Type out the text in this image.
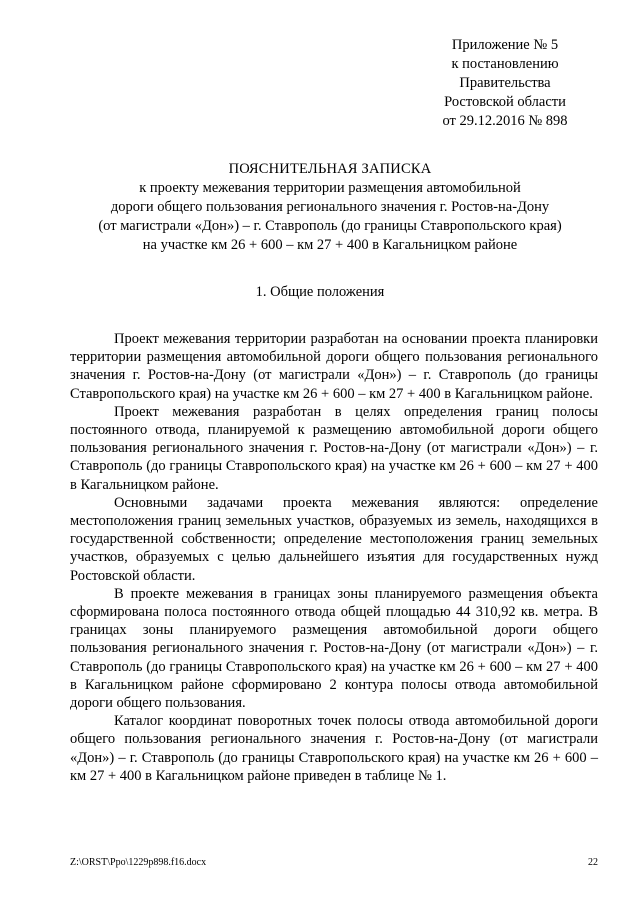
Приложение № 5
к постановлению
Правительства
Ростовской области
от 29.12.2016 № 898
ПОЯСНИТЕЛЬНАЯ ЗАПИСКА
к проекту межевания территории размещения автомобильной
дороги общего пользования регионального значения г. Ростов-на-Дону
(от магистрали «Дон») – г. Ставрополь (до границы Ставропольского края)
на участке км 26 + 600 – км 27 + 400 в Кагальницком районе
1. Общие положения

Проект межевания территории разработан на основании проекта планировки территории размещения автомобильной дороги общего пользования регионального значения г. Ростов-на-Дону (от магистрали «Дон») – г. Ставрополь (до границы Ставропольского края) на участке км 26 + 600 – км 27 + 400 в Кагальницком районе.

Проект межевания разработан в целях определения границ полосы постоянного отвода, планируемой к размещению автомобильной дороги общего пользования регионального значения г. Ростов-на-Дону (от магистрали «Дон») – г. Ставрополь (до границы Ставропольского края) на участке км 26 + 600 – км 27 + 400 в Кагальницком районе.

Основными задачами проекта межевания являются: определение местоположения границ земельных участков, образуемых из земель, находящихся в государственной собственности; определение местоположения границ земельных участков, образуемых с целью дальнейшего изъятия для государственных нужд Ростовской области.

В проекте межевания в границах зоны планируемого размещения объекта сформирована полоса постоянного отвода общей площадью 44 310,92 кв. метра. В границах зоны планируемого размещения автомобильной дороги общего пользования регионального значения г. Ростов-на-Дону (от магистрали «Дон») – г. Ставрополь (до границы Ставропольского края) на участке км 26 + 600 – км 27 + 400 в Кагальницком районе сформировано 2 контура полосы отвода автомобильной дороги общего пользования.

Каталог координат поворотных точек полосы отвода автомобильной дороги общего пользования регионального значения г. Ростов-на-Дону (от магистрали «Дон») – г. Ставрополь (до границы Ставропольского края) на участке км 26 + 600 – км 27 + 400 в Кагальницком районе приведен в таблице № 1.

Z:\ORST\Ppo\1229p898.f16.docx	22
